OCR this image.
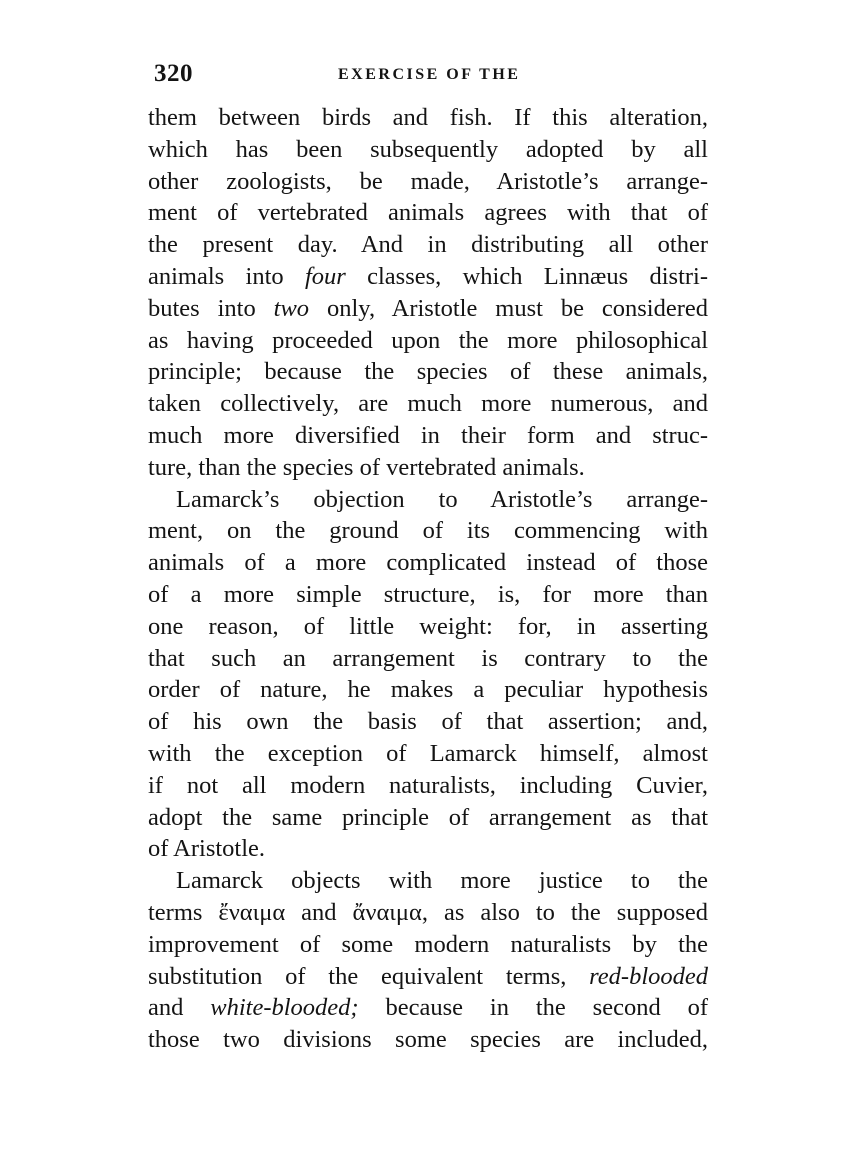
320	EXERCISE OF THE
them between birds and fish. If this alteration,
which has been subsequently adopted by all
other zoologists, be made, Aristotle’s arrange-
ment of vertebrated animals agrees with that of
the present day. And in distributing all other
animals into four classes, which Linnæus distri-
butes into two only, Aristotle must be considered
as having proceeded upon the more philosophical
principle; because the species of these animals,
taken collectively, are much more numerous, and
much more diversified in their form and struc-
ture, than the species of vertebrated animals.
Lamarck’s objection to Aristotle’s arrange-
ment, on the ground of its commencing with
animals of a more complicated instead of those
of a more simple structure, is, for more than
one reason, of little weight: for, in asserting
that such an arrangement is contrary to the
order of nature, he makes a peculiar hypothesis
of his own the basis of that assertion; and,
with the exception of Lamarck himself, almost
if not all modern naturalists, including Cuvier,
adopt the same principle of arrangement as that
of Aristotle.
Lamarck objects with more justice to the
terms ἔναιμα and ἄναιμα, as also to the supposed
improvement of some modern naturalists by the
substitution of the equivalent terms, red-blooded
and white-blooded; because in the second of
those two divisions some species are included,
